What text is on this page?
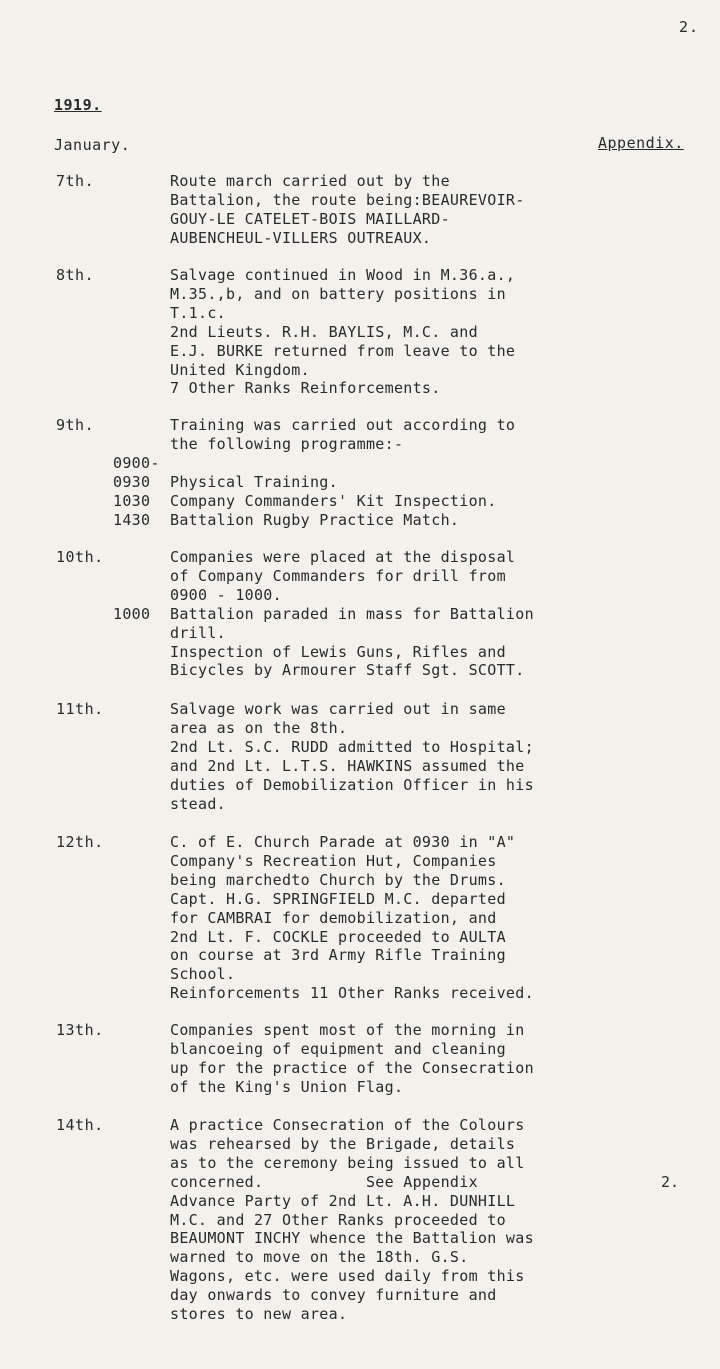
2.
1919.
January.	Appendix.
7th.	Route march carried out by the
Battalion, the route being:BEAUREVOIR-
GOUY-LE CATELET-BOIS MAILLARD-
AUBENCHEUL-VILLERS OUTREAUX.
8th.	Salvage continued in Wood in M.36.a.,
M.35.,b, and on battery positions in
T.1.c.
2nd Lieuts. R.H. BAYLIS, M.C. and
E.J. BURKE returned from leave to the
United Kingdom.
7 Other Ranks Reinforcements.
9th.	Training was carried out according to
the following programme:-
0900-
0930 Physical Training.
1030 Company Commanders' Kit Inspection.
1430 Battalion Rugby Practice Match.
10th.	Companies were placed at the disposal
of Company Commanders for drill from
0900 - 1000.
1000 Battalion paraded in mass for Battalion
drill.
Inspection of Lewis Guns, Rifles and
Bicycles by Armourer Staff Sgt. SCOTT.
11th.	Salvage work was carried out in same
area as on the 8th.
2nd Lt. S.C. RUDD admitted to Hospital;
and 2nd Lt. L.T.S. HAWKINS assumed the
duties of Demobilization Officer in his
stead.
12th.	C. of E. Church Parade at 0930 in "A"
Company's Recreation Hut, Companies
being marchedto Church by the Drums.
Capt. H.G. SPRINGFIELD M.C. departed
for CAMBRAI for demobilization, and
2nd Lt. F. COCKLE proceeded to AULTA
on course at 3rd Army Rifle Training
School.
Reinforcements 11 Other Ranks received.
13th.	Companies spent most of the morning in
blancoeing of equipment and cleaning
up for the practice of the Consecration
of the King's Union Flag.
14th.	A practice Consecration of the Colours
was rehearsed by the Brigade, details
as to the ceremony being issued to all
concerned.           See Appendix
Advance Party of 2nd Lt. A.H. DUNHILL
M.C. and 27 Other Ranks proceeded to
BEAUMONT INCHY whence the Battalion was
warned to move on the 18th. G.S.
Wagons, etc. were used daily from this
day onwards to convey furniture and
stores to new area.
2.
